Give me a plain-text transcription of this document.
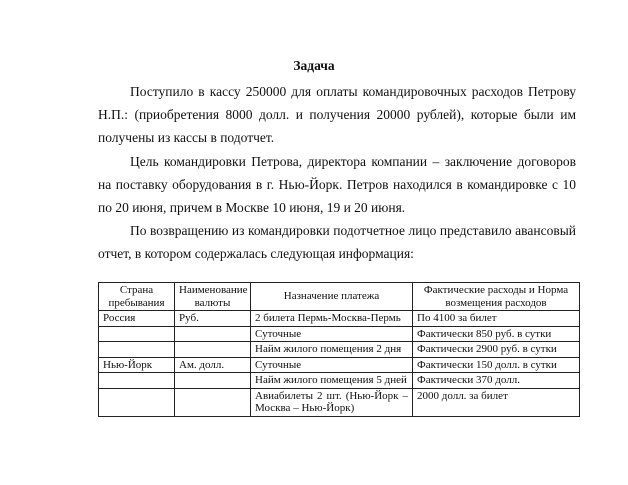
Задача

Поступило в кассу 250000 для оплаты командировочных расходов Петрову Н.П.: (приобретения 8000 долл. и получения 20000 рублей), которые были им получены из кассы в подотчет.

Цель командировки Петрова, директора компании – заключение договоров на поставку оборудования в г. Нью-Йорк. Петров находился в командировке с 10 по 20 июня, причем в Москве 10 июня, 19 и 20 июня.

По возвращению из командировки подотчетное лицо представило авансовый отчет, в котором содержалась следующая информация:

Страна пребывания	Наименование валюты	Назначение платежа	Фактические расходы и Норма возмещения расходов
Россия	Руб.	2 билета Пермь-Москва-Пермь	По 4100 за билет
		Суточные	Фактически 850 руб. в сутки
		Найм жилого помещения 2 дня	Фактически 2900 руб. в сутки
Нью-Йорк	Ам. долл.	Суточные	Фактически 150 долл. в сутки
		Найм жилого помещения 5 дней	Фактически 370 долл.
		Авиабилеты 2 шт. (Нью-Йорк – Москва – Нью-Йорк)	2000 долл. за билет
